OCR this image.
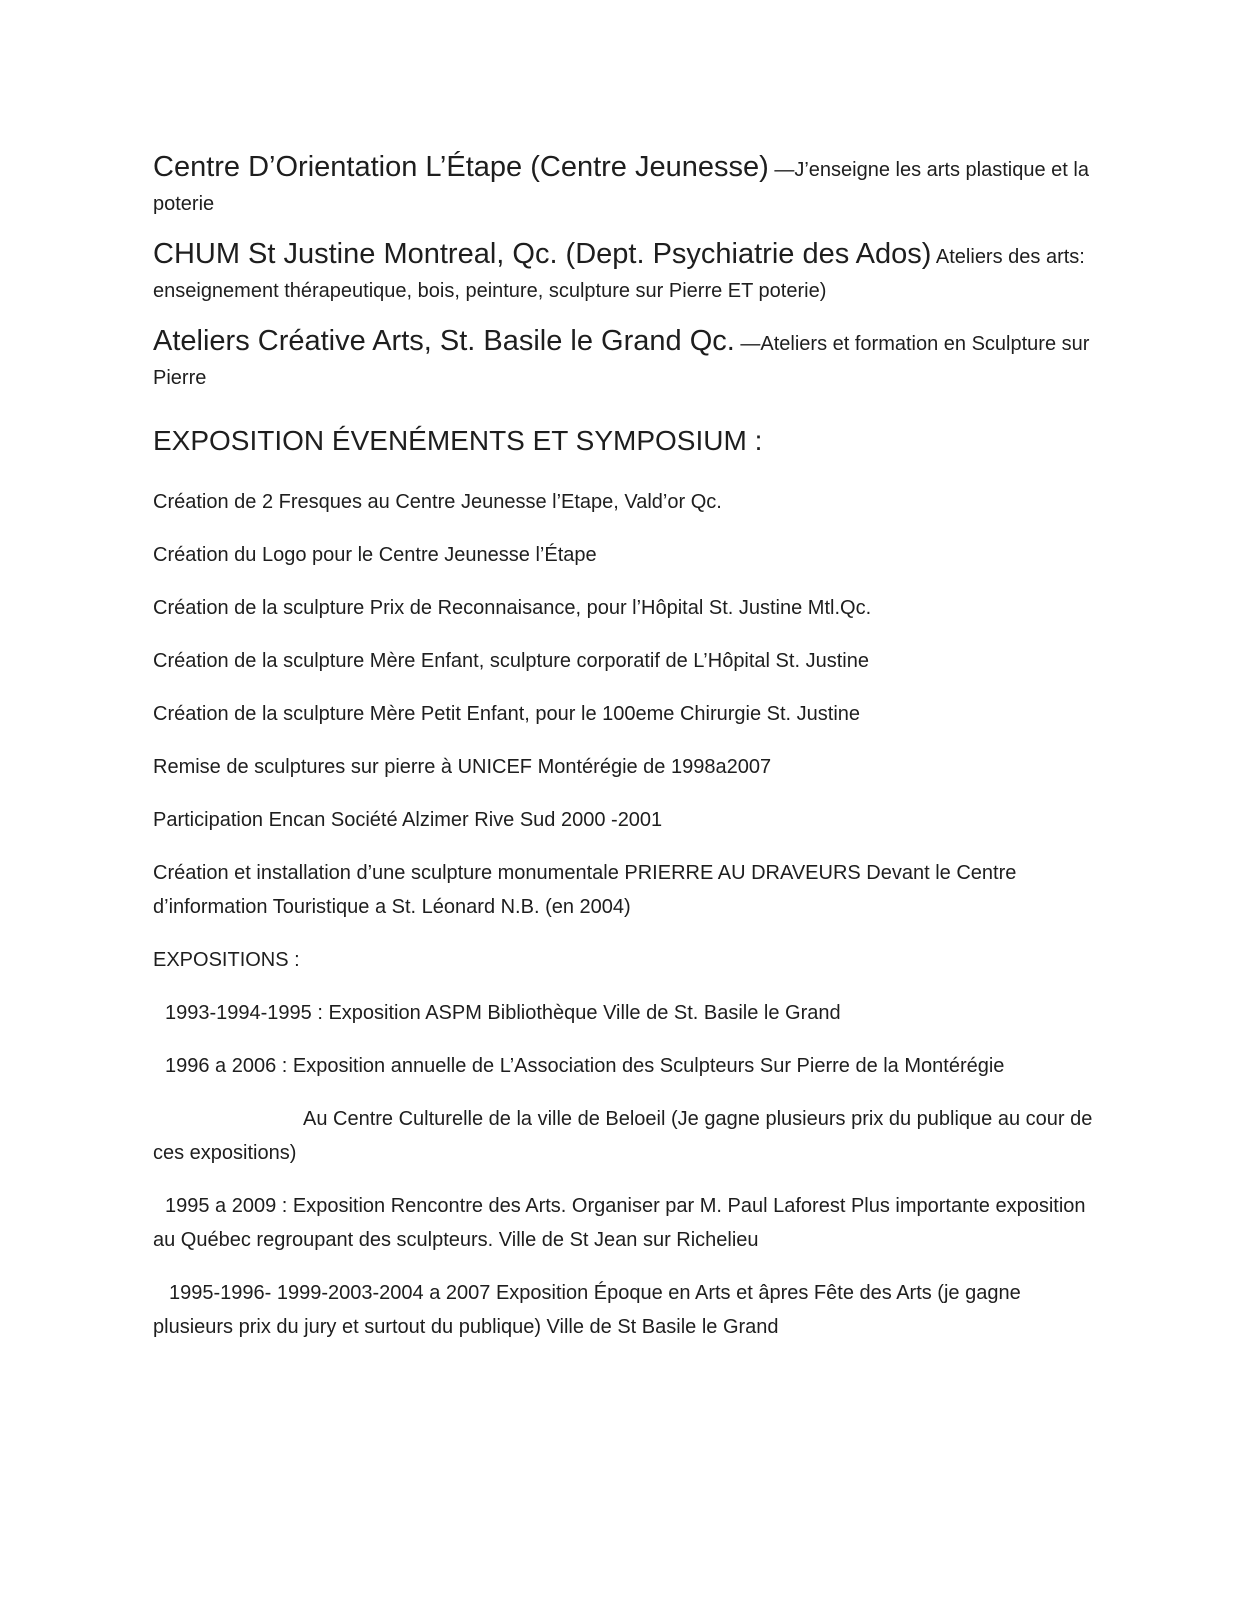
Centre D’Orientation L’Étape (Centre Jeunesse) —J’enseigne les arts plastique et la poterie

CHUM St Justine Montreal, Qc. (Dept. Psychiatrie des Ados) Ateliers des arts: enseignement thérapeutique, bois, peinture, sculpture sur Pierre ET poterie)

Ateliers Créative Arts, St. Basile le Grand Qc. —Ateliers et formation en Sculpture sur Pierre

EXPOSITION ÉVENÉMENTS ET SYMPOSIUM :

Création de 2 Fresques au Centre Jeunesse l’Etape, Vald’or Qc.

Création du Logo pour le Centre Jeunesse l’Étape

Création de la sculpture Prix de Reconnaisance, pour l’Hôpital St. Justine Mtl.Qc.

Création de la sculpture Mère Enfant, sculpture corporatif de L’Hôpital St. Justine

Création de la sculpture Mère Petit Enfant, pour le 100eme Chirurgie St. Justine

Remise de sculptures sur pierre à UNICEF Montérégie de 1998a2007

Participation Encan Société Alzimer Rive Sud 2000 -2001

Création et installation d’une sculpture monumentale PRIERRE AU DRAVEURS Devant le Centre d’information Touristique a St. Léonard N.B. (en 2004)

EXPOSITIONS :

1993-1994-1995 : Exposition ASPM Bibliothèque Ville de St. Basile le Grand

1996 a 2006 : Exposition annuelle de L’Association des Sculpteurs Sur Pierre de la Montérégie

Au Centre Culturelle de la ville de Beloeil (Je gagne plusieurs prix du publique au cour de ces expositions)

1995 a 2009 : Exposition Rencontre des Arts. Organiser par M. Paul Laforest Plus importante exposition au Québec regroupant des sculpteurs. Ville de St Jean sur Richelieu

1995-1996- 1999-2003-2004 a 2007 Exposition Époque en Arts et âpres Fête des Arts (je gagne plusieurs prix du jury et surtout du publique) Ville de St Basile le Grand
